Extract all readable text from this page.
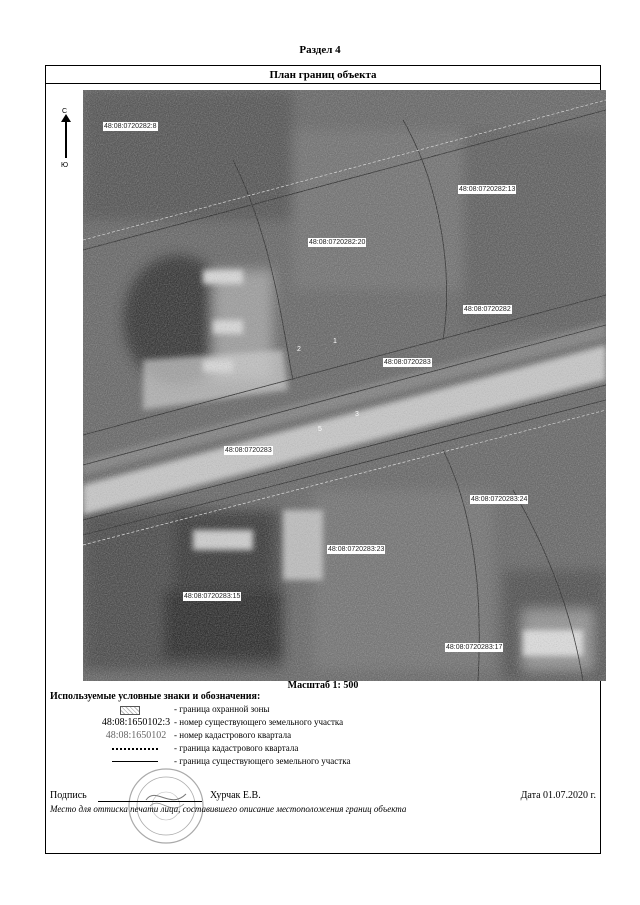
Раздел 4
План границ объекта
С
Ю
48:08:0720282:8
48:08:0720282:13
48:08:0720282:20
48:08:0720282
48:08:0720283
48:08:0720283
48:08:0720283:24
48:08:0720283:23
48:08:0720283:15
48:08:0720283:17
1
2
3
5
Масштаб 1: 500
Используемые условные знаки и обозначения:
- граница охранной зоны
48:08:1650102:3 - номер существующего земельного участка
48:08:1650102 - номер кадастрового квартала
- граница кадастрового квартала
- граница существующего земельного участка
Подпись	Хурчак Е.В.	Дата 01.07.2020 г.
Место для оттиска печати лица, составившего описание местоположения границ объекта
